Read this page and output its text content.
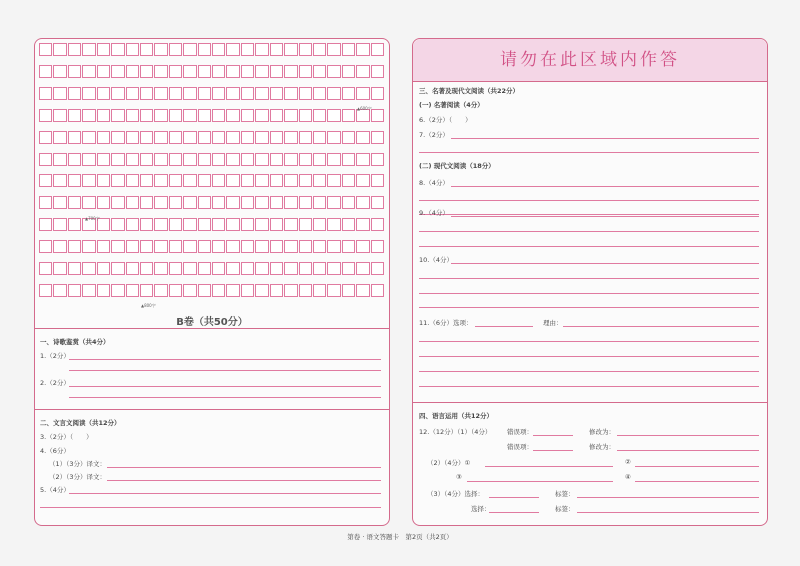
▲600字
▲700字
▲800字
B卷（共50分）
一、诗歌鉴赏（共4分）
1.（2分）
2.（2分）
二、文言文阅读（共12分）
3.（2分）（　　）
4.（6分）
（1）（3分）译文：
（2）（3分）译文：
5.（4分）
请勿在此区域内作答
三、名著及现代文阅读（共22分）
(一) 名著阅读（4分）
6.（2分）（　　）
7.（2分）
(二) 现代文阅读（18分）
8.（4分）
9.（4分）
10.（4分）
11.（6分）选项：	理由：
四、语言运用（共12分）
12.（12分）（1）（4分） 错误项：	修改为：
错误项：	修改为：
（2）（4分）①	②
③	④
（3）（4分）选择：	标签：
选择：	标签：
第卷 · 语文答题卡　第2页（共2页）
